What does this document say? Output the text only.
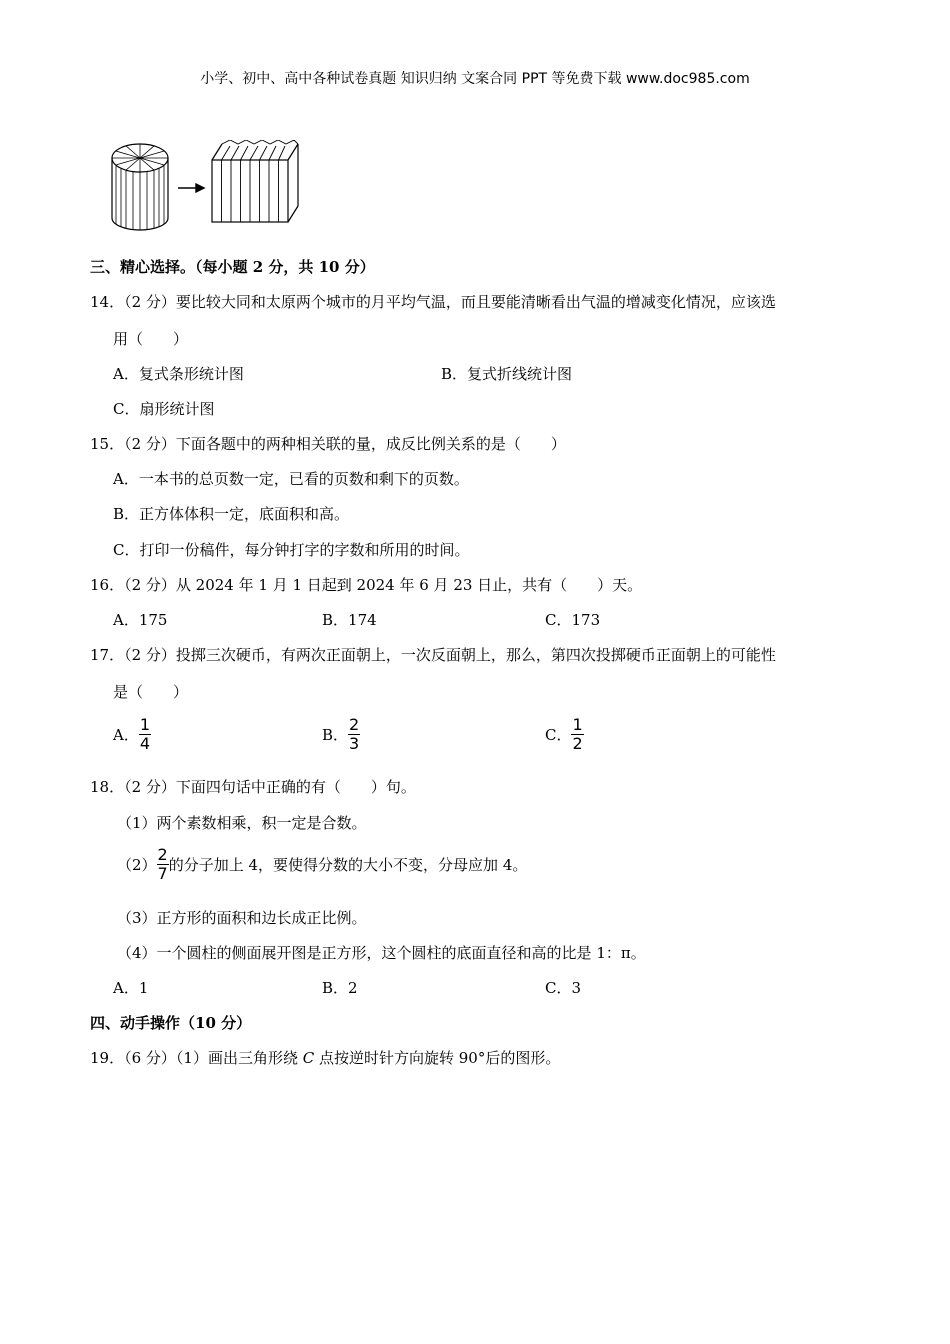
小学、初中、高中各种试卷真题 知识归纳 文案合同 PPT 等免费下载 www.doc985.com
三、精心选择。（每小题 2 分，共 10 分）
14．（2 分）要比较大同和太原两个城市的月平均气温，而且要能清晰看出气温的增减变化情况，应该选
用（　　）
A．复式条形统计图	B．复式折线统计图
C．扇形统计图
15．（2 分）下面各题中的两种相关联的量，成反比例关系的是（　　）
A．一本书的总页数一定，已看的页数和剩下的页数。
B．正方体体积一定，底面积和高。
C．打印一份稿件，每分钟打字的字数和所用的时间。
16．（2 分）从 2024 年 1 月 1 日起到 2024 年 6 月 23 日止，共有（　　）天。
A．175	B．174	C．173
17．（2 分）投掷三次硬币，有两次正面朝上，一次反面朝上，那么，第四次投掷硬币正面朝上的可能性
是（　　）
A． $\frac{1}{4}$	B． $\frac{2}{3}$	C． $\frac{1}{2}$
18．（2 分）下面四句话中正确的有（　　）句。
（1）两个素数相乘，积一定是合数。
$(2) \frac{2}{7}$ 的分子加上 4，要使得分数的大小不变，分母应加 4。
（3）正方形的面积和边长成正比例。
（4）一个圆柱的侧面展开图是正方形，这个圆柱的底面直径和高的比是 1：π。
A．1	B．2	C．3
四、动手操作（10 分）
19．（6 分）（1）画出三角形绕 C 点按逆时针方向旋转 90°后的图形。
